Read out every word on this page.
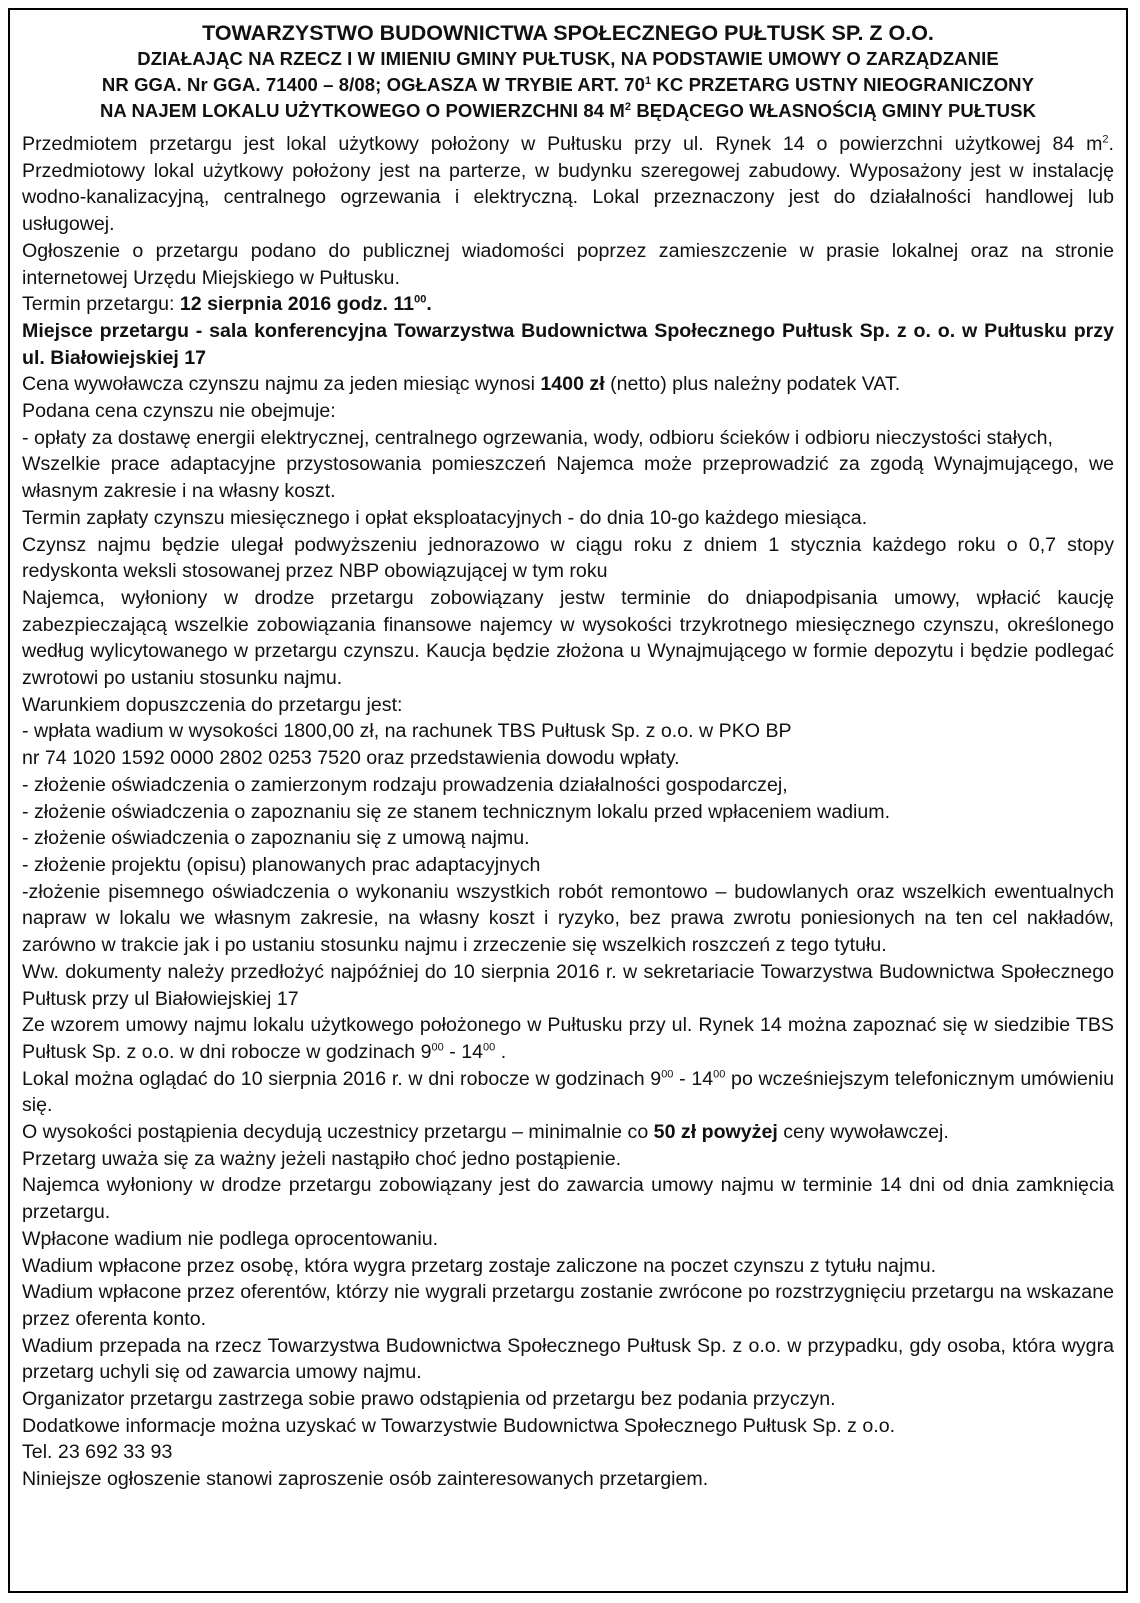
TOWARZYSTWO BUDOWNICTWA SPOŁECZNEGO PUŁTUSK SP. Z O.O.
DZIAŁAJĄC NA RZECZ I W IMIENIU GMINY PUŁTUSK, NA PODSTAWIE UMOWY O ZARZĄDZANIE
NR GGA. Nr GGA. 71400 – 8/08; OGŁASZA W TRYBIE ART. $70^1$ KC PRZETARG USTNY NIEOGRANICZONY
NA NAJEM LOKALU UŻYTKOWEGO O POWIERZCHNI 84 $M^2$ BĘDĄCEGO WŁASNOŚCIĄ GMINY PUŁTUSK

Przedmiotem przetargu jest lokal użytkowy położony w Pułtusku przy ul. Rynek 14 o powierzchni użytkowej 84 $m^2$. Przedmiotowy lokal użytkowy położony jest na parterze, w budynku szeregowej zabudowy. Wyposażony jest w instalację wodno-kanalizacyjną, centralnego ogrzewania i elektryczną. Lokal przeznaczony jest do działalności handlowej lub usługowej.

Ogłoszenie o przetargu podano do publicznej wiadomości poprzez zamieszczenie w prasie lokalnej oraz na stronie internetowej Urzędu Miejskiego w Pułtusku.

Termin przetargu: 12 sierpnia 2016 godz. $11^{00}$.

Miejsce przetargu - sala konferencyjna Towarzystwa Budownictwa Społecznego Pułtusk Sp. z o. o. w Pułtusku przy ul. Białowiejskiej 17

Cena wywoławcza czynszu najmu za jeden miesiąc wynosi 1400 zł (netto) plus należny podatek VAT.

Podana cena czynszu nie obejmuje:

- opłaty za dostawę energii elektrycznej, centralnego ogrzewania, wody, odbioru ścieków i odbioru nieczystości stałych,

Wszelkie prace adaptacyjne przystosowania pomieszczeń Najemca może przeprowadzić za zgodą Wynajmującego, we własnym zakresie i na własny koszt.

Termin zapłaty czynszu miesięcznego i opłat eksploatacyjnych - do dnia 10-go każdego miesiąca.

Czynsz najmu będzie ulegał podwyższeniu jednorazowo w ciągu roku z dniem 1 stycznia każdego roku o 0,7 stopy redyskonta weksli stosowanej przez NBP obowiązującej w tym roku

Najemca, wyłoniony w drodze przetargu zobowiązany jestw terminie do dniapodpisania umowy, wpłacić kaucję zabezpieczającą wszelkie zobowiązania finansowe najemcy w wysokości trzykrotnego miesięcznego czynszu, określonego według wylicytowanego w przetargu czynszu. Kaucja będzie złożona u Wynajmującego w formie depozytu i będzie podlegać zwrotowi po ustaniu stosunku najmu.

Warunkiem dopuszczenia do przetargu jest:

- wpłata wadium w wysokości 1800,00 zł, na rachunek TBS Pułtusk Sp. z o.o. w PKO BP

nr 74 1020 1592 0000 2802 0253 7520 oraz przedstawienia dowodu wpłaty.

- złożenie oświadczenia o zamierzonym rodzaju prowadzenia działalności gospodarczej,

- złożenie oświadczenia o zapoznaniu się ze stanem technicznym lokalu przed wpłaceniem wadium.

- złożenie oświadczenia o zapoznaniu się z umową najmu.

- złożenie projektu (opisu) planowanych prac adaptacyjnych

-złożenie pisemnego oświadczenia o wykonaniu wszystkich robót remontowo – budowlanych oraz wszelkich ewentualnych napraw w lokalu we własnym zakresie, na własny koszt i ryzyko, bez prawa zwrotu poniesionych na ten cel nakładów, zarówno w trakcie jak i po ustaniu stosunku najmu i zrzeczenie się wszelkich roszczeń z tego tytułu.

Ww. dokumenty należy przedłożyć najpóźniej do 10 sierpnia 2016 r. w sekretariacie Towarzystwa Budownictwa Społecznego Pułtusk przy ul Białowiejskiej 17

Ze wzorem umowy najmu lokalu użytkowego położonego w Pułtusku przy ul. Rynek 14 można zapoznać się w siedzibie TBS Pułtusk Sp. z o.o. w dni robocze w godzinach $9^{00} - 14^{00}$ .

Lokal można oglądać do 10 sierpnia 2016 r. w dni robocze w godzinach $9^{00} - 14^{00}$ po wcześniejszym telefonicznym umówieniu się.

O wysokości postąpienia decydują uczestnicy przetargu – minimalnie co 50 zł powyżej ceny wywoławczej.

Przetarg uważa się za ważny jeżeli nastąpiło choć jedno postąpienie.

Najemca wyłoniony w drodze przetargu zobowiązany jest do zawarcia umowy najmu w terminie 14 dni od dnia zamknięcia przetargu.

Wpłacone wadium nie podlega oprocentowaniu.

Wadium wpłacone przez osobę, która wygra przetarg zostaje zaliczone na poczet czynszu z tytułu najmu.

Wadium wpłacone przez oferentów, którzy nie wygrali przetargu zostanie zwrócone po rozstrzygnięciu przetargu na wskazane przez oferenta konto.

Wadium przepada na rzecz Towarzystwa Budownictwa Społecznego Pułtusk Sp. z o.o. w przypadku, gdy osoba, która wygra przetarg uchyli się od zawarcia umowy najmu.

Organizator przetargu zastrzega sobie prawo odstąpienia od przetargu bez podania przyczyn.

Dodatkowe informacje można uzyskać w Towarzystwie Budownictwa Społecznego Pułtusk Sp. z o.o.

Tel. 23 692 33 93

Niniejsze ogłoszenie stanowi zaproszenie osób zainteresowanych przetargiem.
